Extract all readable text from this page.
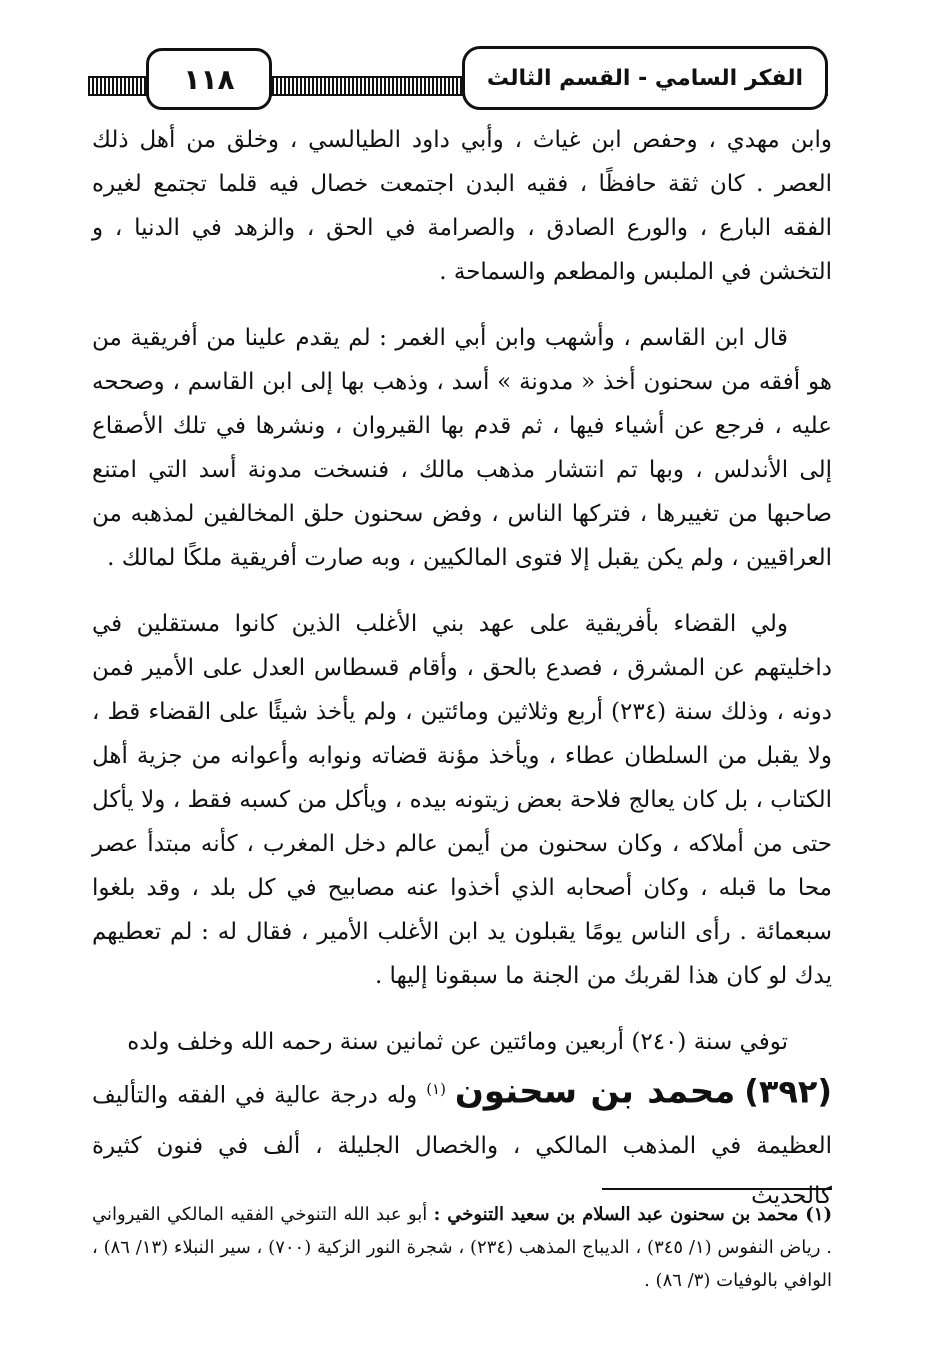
١١٨	الفكر السامي - القسم الثالث

وابن مهدي ، وحفص ابن غياث ، وأبي داود الطيالسي ، وخلق من أهل ذلك العصر . كان ثقة حافظًا ، فقيه البدن اجتمعت خصال فيه قلما تجتمع لغيره الفقه البارع ، والورع الصادق ، والصرامة في الحق ، والزهد في الدنيا ، و التخشن في الملبس والمطعم والسماحة .

قال ابن القاسم ، وأشهب وابن أبي الغمر : لم يقدم علينا من أفريقية من هو أفقه من سحنون أخذ « مدونة » أسد ، وذهب بها إلى ابن القاسم ، وصححه عليه ، فرجع عن أشياء فيها ، ثم قدم بها القيروان ، ونشرها في تلك الأصقاع إلى الأندلس ، وبها تم انتشار مذهب مالك ، فنسخت مدونة أسد التي امتنع صاحبها من تغييرها ، فتركها الناس ، وفض سحنون حلق المخالفين لمذهبه من العراقيين ، ولم يكن يقبل إلا فتوى المالكيين ، وبه صارت أفريقية ملكًا لمالك .

ولي القضاء بأفريقية على عهد بني الأغلب الذين كانوا مستقلين في داخليتهم عن المشرق ، فصدع بالحق ، وأقام قسطاس العدل على الأمير فمن دونه ، وذلك سنة (٢٣٤) أربع وثلاثين ومائتين ، ولم يأخذ شيئًا على القضاء قط ، ولا يقبل من السلطان عطاء ، ويأخذ مؤنة قضاته ونوابه وأعوانه من جزية أهل الكتاب ، بل كان يعالج فلاحة بعض زيتونه بيده ، ويأكل من كسبه فقط ، ولا يأكل حتى من أملاكه ، وكان سحنون من أيمن عالم دخل المغرب ، كأنه مبتدأ عصر محا ما قبله ، وكان أصحابه الذي أخذوا عنه مصابيح في كل بلد ، وقد بلغوا سبعمائة . رأى الناس يومًا يقبلون يد ابن الأغلب الأمير ، فقال له : لم تعطيهم يدك لو كان هذا لقربك من الجنة ما سبقونا إليها .

توفي سنة (٢٤٠) أربعين ومائتين عن ثمانين سنة رحمه الله وخلف ولده

(٣٩٢) محمد بن سحنون $^{(١)}$ وله درجة عالية في الفقه والتأليف العظيمة في المذهب المالكي ، والخصال الجليلة ، ألف في فنون كثيرة كالحديث

(١) محمد بن سحنون عبد السلام بن سعيد التنوخي : أبو عبد الله التنوخي الفقيه المالكي القيرواني . رياض النفوس (١/ ٣٤٥) ، الديباج المذهب (٢٣٤) ، شجرة النور الزكية (٧٠٠) ، سير النبلاء (١٣/ ٨٦) ، الوافي بالوفيات (٣/ ٨٦) .
